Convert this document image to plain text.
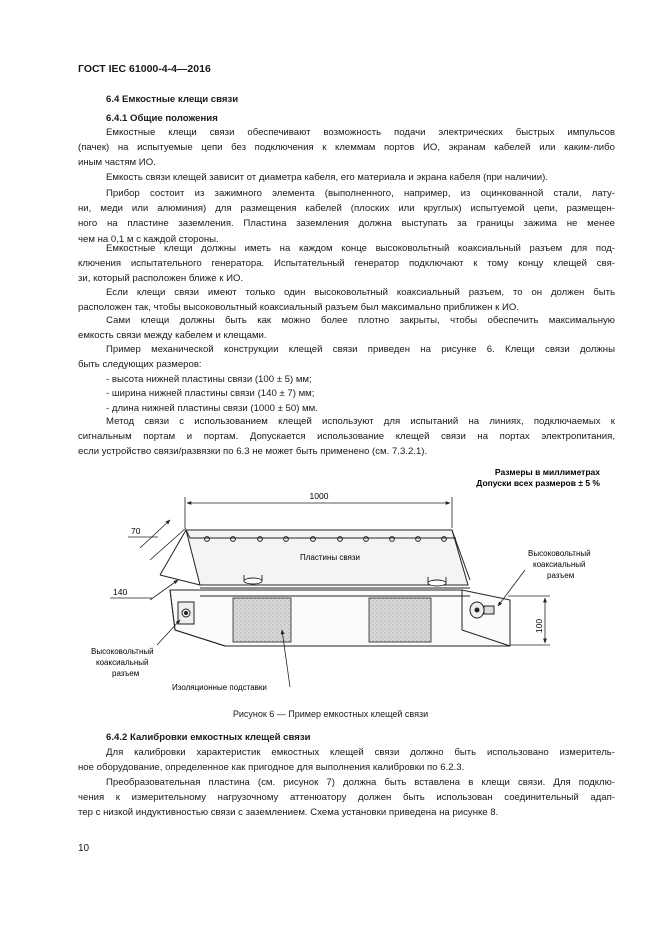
ГОСТ IEC 61000-4-4—2016
6.4 Емкостные клещи связи
6.4.1 Общие положения
Емкостные клещи связи обеспечивают возможность подачи электрических быстрых импульсов
(пачек) на испытуемые цепи без подключения к клеммам портов ИО, экранам кабелей или каким-либо
иным частям ИО.
Емкость связи клещей зависит от диаметра кабеля, его материала и экрана кабеля (при наличии).
Прибор состоит из зажимного элемента (выполненного, например, из оцинкованной стали, лату-
ни, меди или алюминия) для размещения кабелей (плоских или круглых) испытуемой цепи, размещен-
ного на пластине заземления. Пластина заземления должна выступать за границы зажима не менее
чем на 0,1 м с каждой стороны.
Емкостные клещи должны иметь на каждом конце высоковольтный коаксиальный разъем для под-
ключения испытательного генератора. Испытательный генератор подключают к тому концу клещей свя-
зи, который расположен ближе к ИО.
Если клещи связи имеют только один высоковольтный коаксиальный разъем, то он должен быть
расположен так, чтобы высоковольтный коаксиальный разъем был максимально приближен к ИО.
Сами клещи должны быть как можно более плотно закрыты, чтобы обеспечить максимальную
емкость связи между кабелем и клещами.
Пример механической конструкции клещей связи приведен на рисунке 6. Клещи связи должны
быть следующих размеров:
- высота нижней пластины связи (100 ± 5) мм;
- ширина нижней пластины связи (140 ± 7) мм;
- длина нижней пластины связи (1000 ± 50) мм.
Метод связи с использованием клещей используют для испытаний на линиях, подключаемых к
сигнальным портам и портам. Допускается использование клещей связи на портах электропитания,
если устройство связи/развязки по 6.3 не может быть применено (см. 7.3.2.1).
Размеры в миллиметрах
Допуски всех размеров ± 5 %
1000
70
140
100
Пластины связи	Высоковольтный
коаксиальный
разъем
Высоковольтный
коаксиальный
разъем
Изоляционные подставки
Рисунок 6 — Пример емкостных клещей связи
6.4.2 Калибровки емкостных клещей связи
Для калибровки характеристик емкостных клещей связи должно быть использовано измеритель-
ное оборудование, определенное как пригодное для выполнения калибровки по 6.2.3.
Преобразовательная пластина (см. рисунок 7) должна быть вставлена в клещи связи. Для подклю-
чения к измерительному нагрузочному аттенюатору должен быть использован соединительный адап-
тер с низкой индуктивностью связи с заземлением. Схема установки приведена на рисунке 8.
10
